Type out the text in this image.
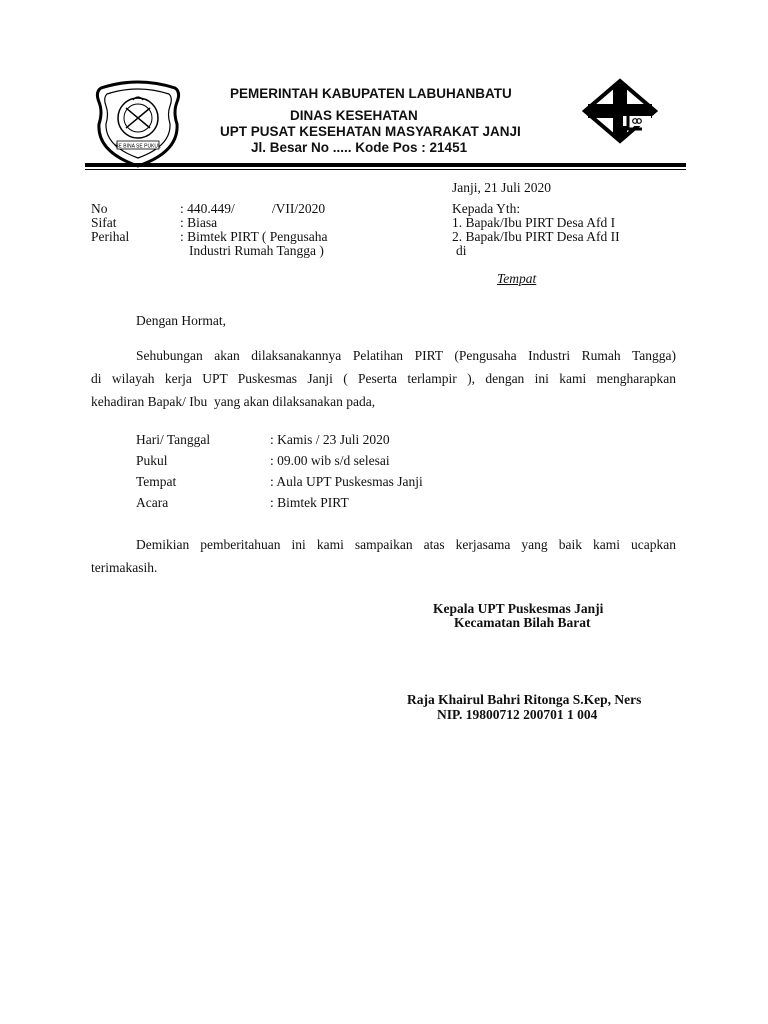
SE BINA SE PUKUL
PEMERINTAH KABUPATEN LABUHANBATU
DINAS KESEHATAN
UPT PUSAT KESEHATAN MASYARAKAT JANJI
Jl. Besar No ..... Kode Pos : 21451
Janji, 21 Juli 2020
No	: 440.449/           /VII/2020
Sifat	: Biasa
Perihal	: Bimtek PIRT ( Pengusaha
Industri Rumah Tangga )
Kepada Yth:
1. Bapak/Ibu PIRT Desa Afd I
2. Bapak/Ibu PIRT Desa Afd II
di
Tempat
Dengan Hormat,
Sehubungan akan dilaksanakannya Pelatihan PIRT (Pengusaha Industri Rumah Tangga)
di wilayah kerja UPT Puskesmas Janji ( Peserta terlampir ), dengan ini kami mengharapkan
kehadiran Bapak/ Ibu  yang akan dilaksanakan pada,
Hari/ Tanggal	: Kamis / 23 Juli 2020
Pukul	: 09.00 wib s/d selesai
Tempat	: Aula UPT Puskesmas Janji
Acara	: Bimtek PIRT
Demikian pemberitahuan ini kami sampaikan atas kerjasama yang baik kami ucapkan
terimakasih.
Kepala UPT Puskesmas Janji
Kecamatan Bilah Barat
Raja Khairul Bahri Ritonga S.Kep, Ners
NIP. 19800712 200701 1 004
